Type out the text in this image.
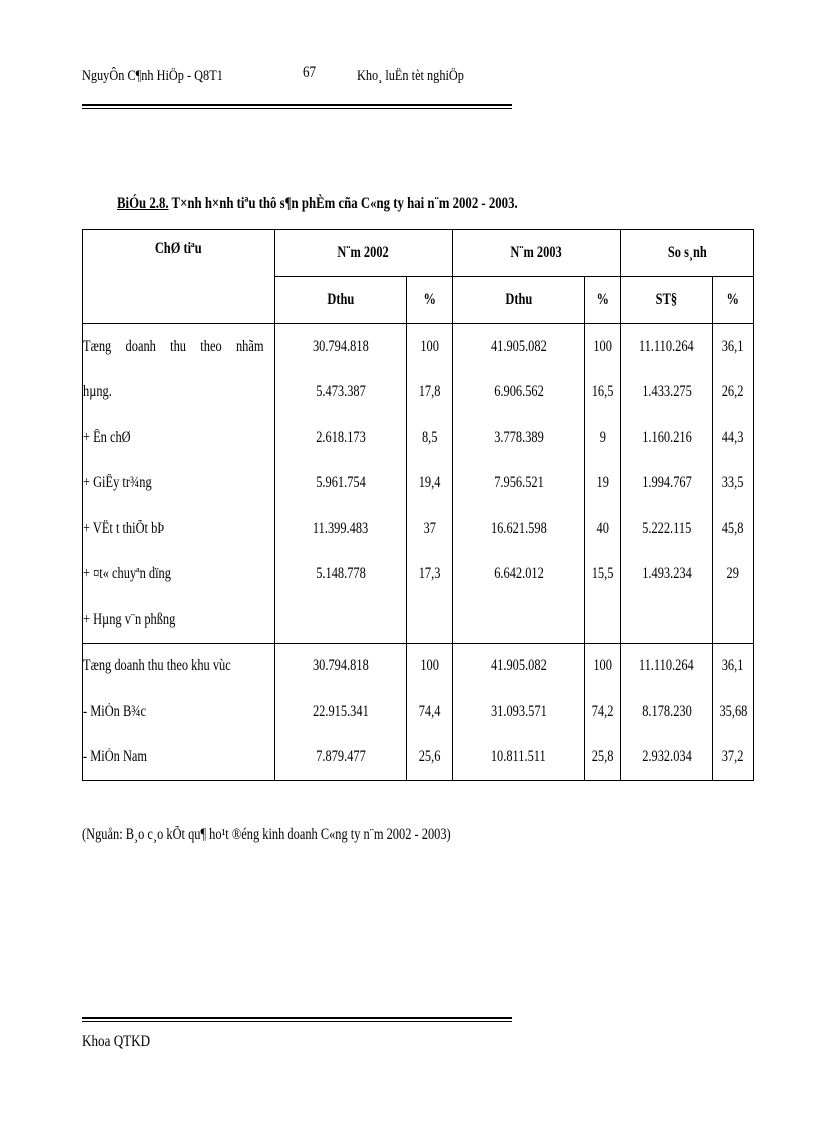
NguyÔn C¶nh HiÖp - Q8T1	67	Kho¸ luËn tèt nghiÖp
BiÓu 2.8. T×nh h×nh tiªu thô s¶n phÈm cña C«ng ty hai n¨m 2002 - 2003.
ChØ tiªu	N¨m 2002		N¨m 2003		So s¸nh	
	Dthu	%	Dthu	%	ST§	%
Tæng doanh thu theo nhãm	30.794.818	100	41.905.082	100	11.110.264	36,1
hµng.	5.473.387	17,8	6.906.562	16,5	1.433.275	26,2
+ Ên chØ	2.618.173	8,5	3.778.389	9	1.160.216	44,3
+ GiÊy tr¾ng	5.961.754	19,4	7.956.521	19	1.994.767	33,5
+ VËt t thiÕt bÞ	11.399.483	37	16.621.598	40	5.222.115	45,8
+ ¤t« chuyªn dïng	5.148.778	17,3	6.642.012	15,5	1.493.234	29
+ Hµng v¨n phßng						
Tæng doanh thu theo khu vùc	30.794.818	100	41.905.082	100	11.110.264	36,1
- MiÒn B¾c	22.915.341	74,4	31.093.571	74,2	8.178.230	35,68
- MiÒn Nam	7.879.477	25,6	10.811.511	25,8	2.932.034	37,2
(Nguån: B¸o c¸o kÕt qu¶ ho¹t ®éng kinh doanh C«ng ty n¨m 2002 - 2003)
Khoa QTKD
